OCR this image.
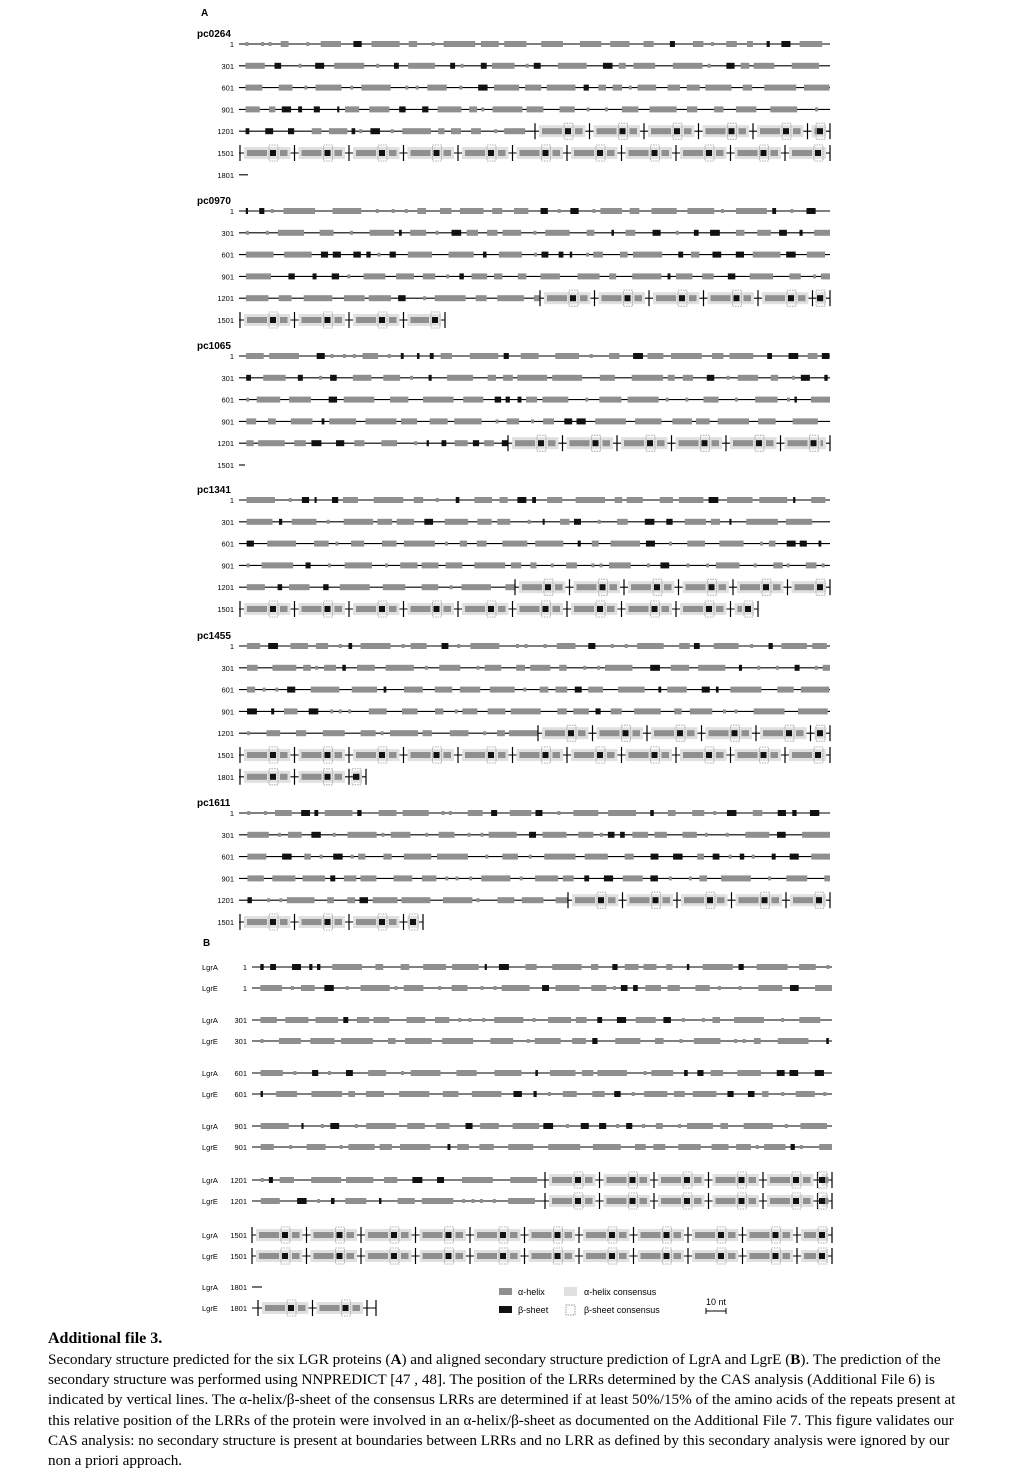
A
pc0264
1
301
601
901
1201
1501
1801
pc0970
1
301
601
901
1201
1501
pc1065
1
301
601
901
1201
1501
pc1341
1
301
601
901
1201
1501
pc1455
1
301
601
901
1201
1501
1801
pc1611
1
301
601
901
1201
1501
B
LgrA	1
LgrE	1
LgrA 301
LgrE 301
LgrA 601
LgrE 601
LgrA 901
LgrE 901
LgrA 1201
LgrE 1201
LgrA 1501
LgrE 1501
LgrA 1801
LgrE 1801
α-helix
β-sheet
α-helix consensus
β-sheet consensus
10 nt
Additional file 3.

Secondary structure predicted for the six LGR proteins (A) and aligned secondary structure prediction of LgrA and LgrE (B). The prediction of the secondary structure was performed using NNPREDICT [47 , 48]. The position of the LRRs determined by the CAS analysis (Additional File 6) is indicated by vertical lines. The α-helix/β-sheet of the consensus LRRs are determined if at least 50%/15% of the amino acids of the repeats present at this relative position of the LRRs of the protein were involved in an α-helix/β-sheet as documented on the Additional File 7. This figure validates our CAS analysis: no secondary structure is present at boundaries between LRRs and no LRR as defined by this secondary analysis were ignored by our non a priori approach.
